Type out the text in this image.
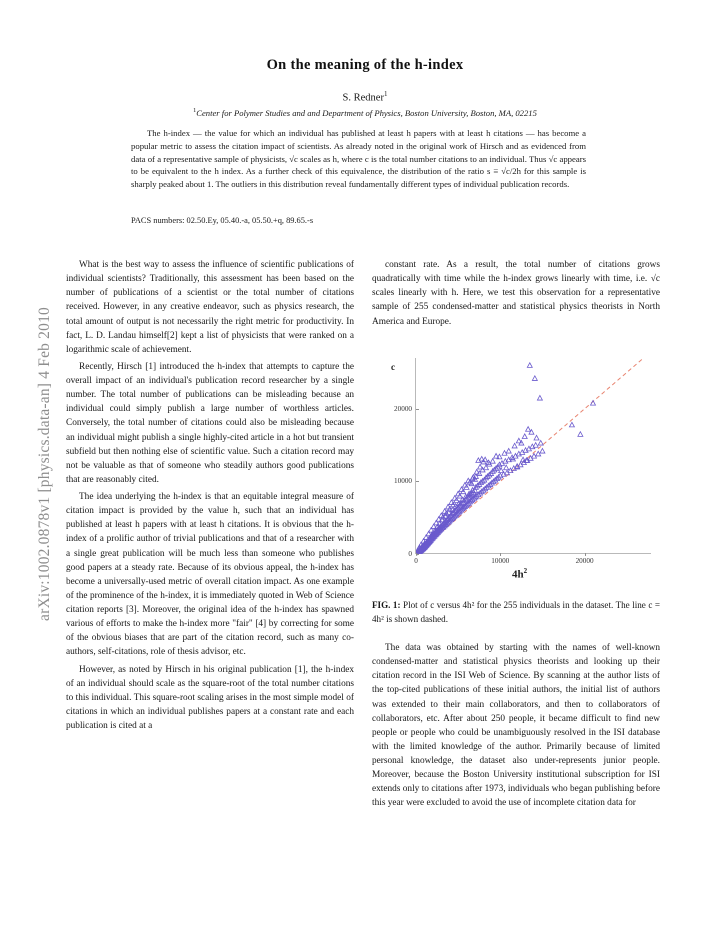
arXiv:1002.0878v1 [physics.data-an] 4 Feb 2010
On the meaning of the h-index
S. Redner$^1$
$^1$Center for Polymer Studies and and Department of Physics, Boston University, Boston, MA, 02215
The h-index — the value for which an individual has published at least h papers with at least h citations — has become a popular metric to assess the citation impact of scientists. As already noted in the original work of Hirsch and as evidenced from data of a representative sample of physicists, √c scales as h, where c is the total number citations to an individual. Thus √c appears to be equivalent to the h index. As a further check of this equivalence, the distribution of the ratio s ≡ √c/2h for this sample is sharply peaked about 1. The outliers in this distribution reveal fundamentally different types of individual publication records.
PACS numbers: 02.50.Ey, 05.40.-a, 05.50.+q, 89.65.-s

What is the best way to assess the influence of scientific publications of individual scientists? Traditionally, this assessment has been based on the number of publications of a scientist or the total number of citations received. However, in any creative endeavor, such as physics research, the total amount of output is not necessarily the right metric for productivity. In fact, L. D. Landau himself[2] kept a list of physicists that were ranked on a logarithmic scale of achievement.

Recently, Hirsch [1] introduced the h-index that attempts to capture the overall impact of an individual's publication record researcher by a single number. The total number of publications can be misleading because an individual could simply publish a large number of worthless articles. Conversely, the total number of citations could also be misleading because an individual might publish a single highly-cited article in a hot but transient subfield but then nothing else of scientific value. Such a citation record may not be valuable as that of someone who steadily authors good publications that are reasonably cited.

The idea underlying the h-index is that an equitable integral measure of citation impact is provided by the value h, such that an individual has published at least h papers with at least h citations. It is obvious that the h-index of a prolific author of trivial publications and that of a researcher with a single great publication will be much less than someone who publishes good papers at a steady rate. Because of its obvious appeal, the h-index has become a universally-used metric of overall citation impact. As one example of the prominence of the h-index, it is immediately quoted in Web of Science citation reports [3]. Moreover, the original idea of the h-index has spawned various of efforts to make the h-index more "fair" [4] by correcting for some of the obvious biases that are part of the citation record, such as many co-authors, self-citations, role of thesis advisor, etc.

However, as noted by Hirsch in his original publication [1], the h-index of an individual should scale as the square-root of the total number citations to this individual. This square-root scaling arises in the most simple model of citations in which an individual publishes papers at a constant rate and each publication is cited at a

constant rate. As a result, the total number of citations grows quadratically with time while the h-index grows linearly with time, i.e. √c scales linearly with h. Here, we test this observation for a representative sample of 255 condensed-matter and statistical physics theorists in North America and Europe.

c
0
10000
20000
0	10000	20000
$4h^2$
FIG. 1: Plot of c versus 4h² for the 255 individuals in the dataset. The line c = 4h² is shown dashed.

The data was obtained by starting with the names of well-known condensed-matter and statistical physics theorists and looking up their citation record in the ISI Web of Science. By scanning at the author lists of the top-cited publications of these initial authors, the initial list of authors was extended to their main collaborators, and then to collaborators of collaborators, etc. After about 250 people, it became difficult to find new people or people who could be unambiguously resolved in the ISI database with the limited knowledge of the author. Primarily because of limited personal knowledge, the dataset also under-represents junior people. Moreover, because the Boston University institutional subscription for ISI extends only to citations after 1973, individuals who began publishing before this year were excluded to avoid the use of incomplete citation data for
